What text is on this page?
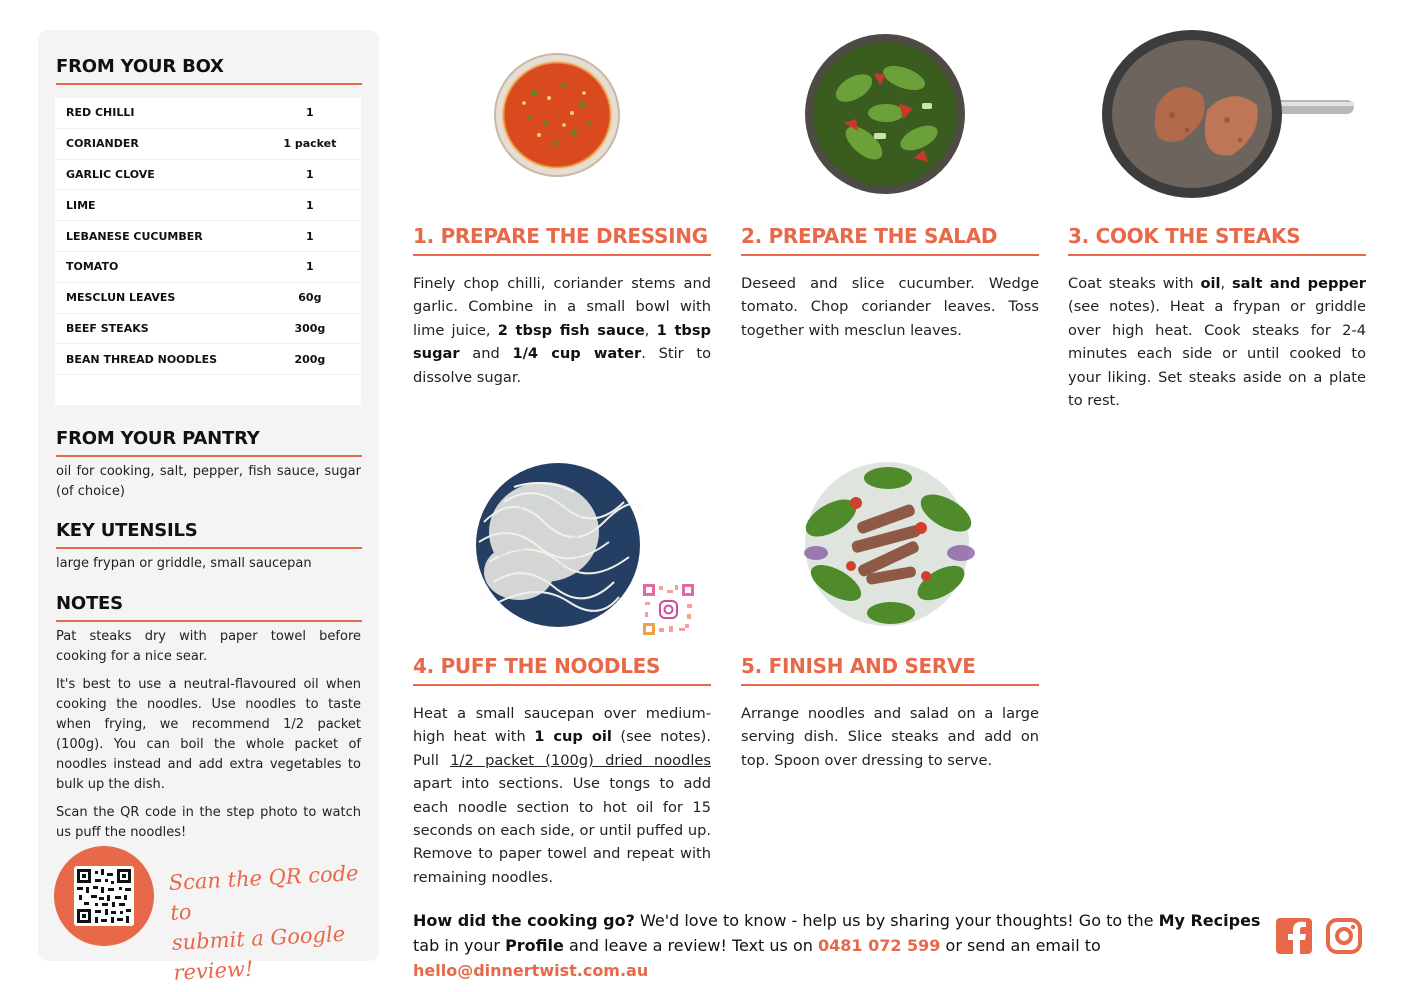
FROM YOUR BOX
RED CHILLI	1
CORIANDER	1 packet
GARLIC CLOVE	1
LIME	1
LEBANESE CUCUMBER	1
TOMATO	1
MESCLUN LEAVES	60g
BEEF STEAKS	300g
BEAN THREAD NOODLES	200g
FROM YOUR PANTRY
oil for cooking, salt, pepper, fish sauce, sugar (of choice)
KEY UTENSILS
large frypan or griddle, small saucepan
NOTES

Pat steaks dry with paper towel before cooking for a nice sear.

It's best to use a neutral-flavoured oil when cooking the noodles. Use noodles to taste when frying, we recommend 1/2 packet (100g). You can boil the whole packet of noodles instead and add extra vegetables to bulk up the dish.

Scan the QR code in the step photo to watch us puff the noodles!

Scan the QR code to
submit a Google review!
1. PREPARE THE DRESSING
Finely chop chilli, coriander stems and garlic. Combine in a small bowl with lime juice, 2 tbsp fish sauce, 1 tbsp sugar and 1/4 cup water. Stir to dissolve sugar.
2. PREPARE THE SALAD
Deseed and slice cucumber. Wedge tomato. Chop coriander leaves. Toss together with mesclun leaves.
3. COOK THE STEAKS
Coat steaks with oil, salt and pepper (see notes). Heat a frypan or griddle over high heat. Cook steaks for 2-4 minutes each side or until cooked to your liking. Set steaks aside on a plate to rest.
4. PUFF THE NOODLES
Heat a small saucepan over medium-high heat with 1 cup oil (see notes). Pull 1/2 packet (100g) dried noodles apart into sections. Use tongs to add each noodle section to hot oil for 15 seconds on each side, or until puffed up. Remove to paper towel and repeat with remaining noodles.
5. FINISH AND SERVE
Arrange noodles and salad on a large serving dish. Slice steaks and add on top. Spoon over dressing to serve.
How did the cooking go? We'd love to know - help us by sharing your thoughts! Go to the My Recipes tab in your Profile and leave a review! Text us on 0481 072 599 or send an email to hello@dinnertwist.com.au
